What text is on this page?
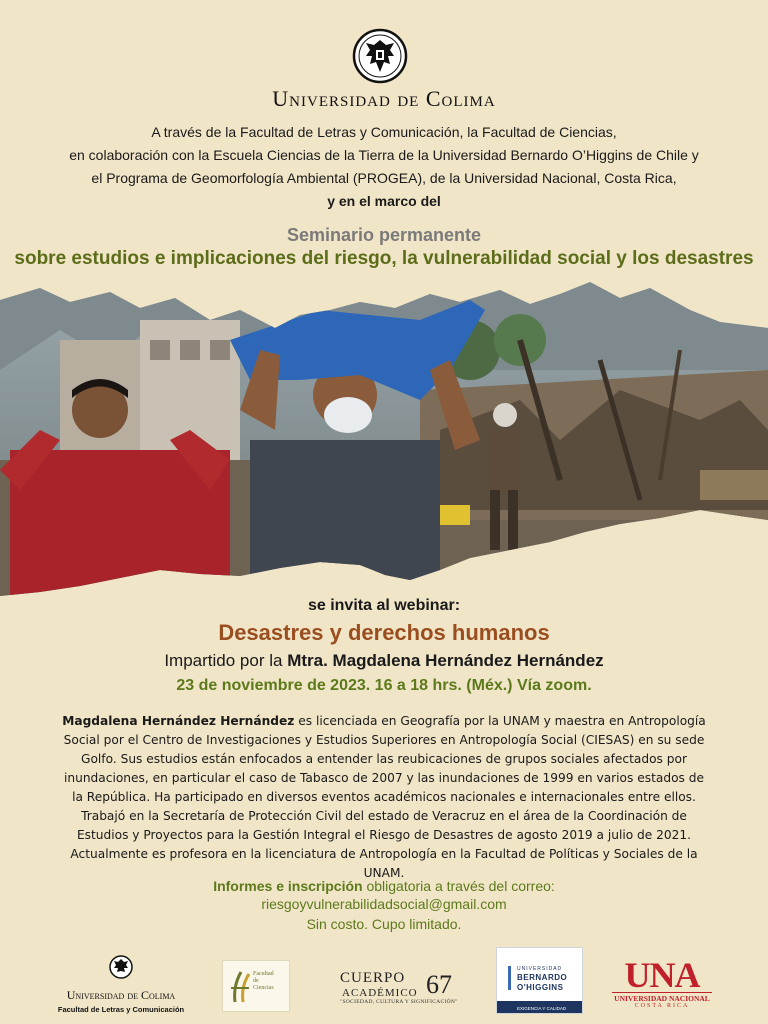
Universidad de Colima
A través de la Facultad de Letras y Comunicación, la Facultad de Ciencias,
en colaboración con la Escuela Ciencias de la Tierra de la Universidad Bernardo O’Higgins de Chile y
el Programa de Geomorfología Ambiental (PROGEA), de la Universidad Nacional, Costa Rica,
y en el marco del
Seminario permanente
sobre estudios e implicaciones del riesgo, la vulnerabilidad social y los desastres
se invita al webinar:
Desastres y derechos humanos
Impartido por la Mtra. Magdalena Hernández Hernández
23 de noviembre de 2023. 16 a 18 hrs. (Méx.) Vía zoom.
Magdalena Hernández Hernández es licenciada en Geografía por la UNAM y maestra en Antropología Social por el Centro de Investigaciones y Estudios Superiores en Antropología Social (CIESAS) en su sede Golfo. Sus estudios están enfocados a entender las reubicaciones de grupos sociales afectados por inundaciones, en particular el caso de Tabasco de 2007 y las inundaciones de 1999 en varios estados de la República. Ha participado en diversos eventos académicos nacionales e internacionales entre ellos. Trabajó en la Secretaría de Protección Civil del estado de Veracruz en el área de la Coordinación de Estudios y Proyectos para la Gestión Integral el Riesgo de Desastres de agosto 2019 a julio de 2021. Actualmente es profesora en la licenciatura de Antropología en la Facultad de Políticas y Sociales de la UNAM.
Informes e inscripción obligatoria a través del correo:
riesgoyvulnerabilidadsocial@gmail.com
Sin costo. Cupo limitado.
Universidad de Colima
Facultad de Letras y Comunicación
Facultad
de
Ciencias
CUERPO
ACADÉMICO 67
"SOCIEDAD, CULTURA Y SIGNIFICACIÓN"
UNIVERSIDAD
BERNARDO
O'HIGGINS
EXIGENCIA Y CALIDAD
UNA
UNIVERSIDAD NACIONAL
COSTA RICA
